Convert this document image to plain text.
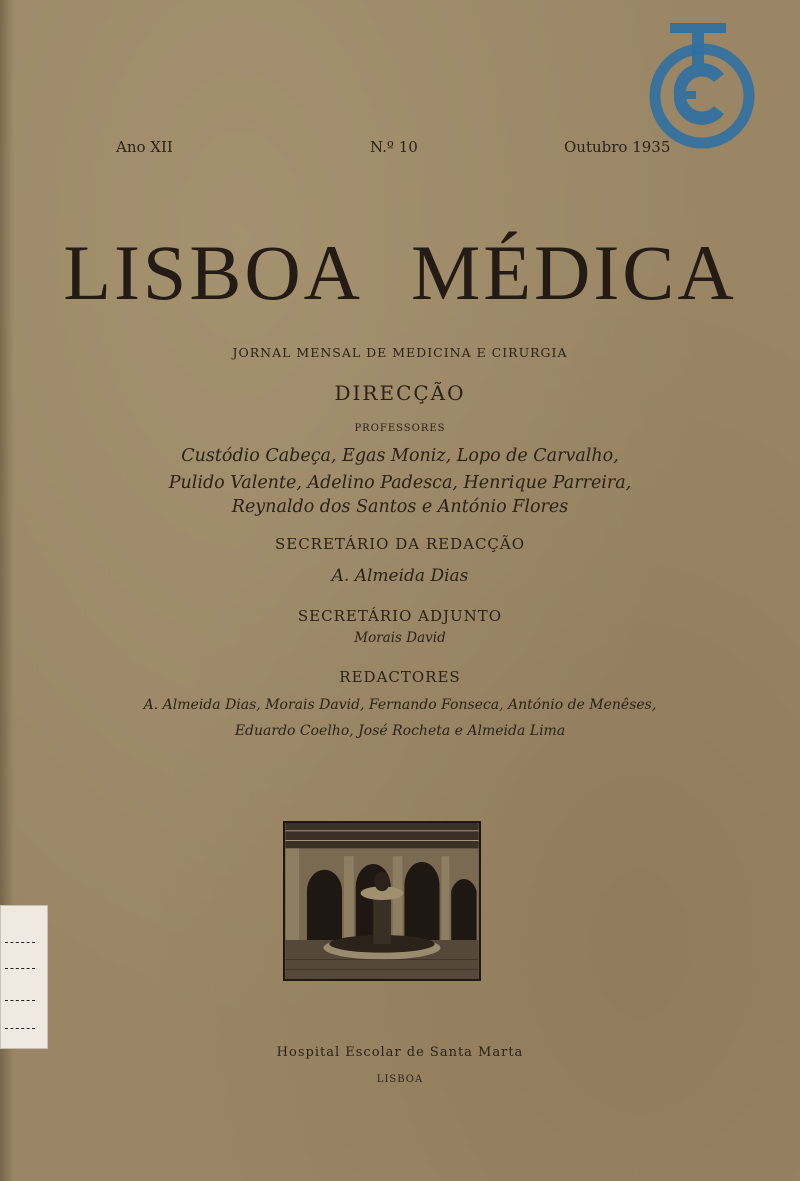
Ano XII	N.º 10	Outubro 1935
LISBOA MÉDICA
JORNAL MENSAL DE MEDICINA E CIRURGIA
DIRECÇÃO
PROFESSORES
Custódio Cabeça, Egas Moniz, Lopo de Carvalho,
Pulido Valente, Adelino Padesca, Henrique Parreira,
Reynaldo dos Santos e António Flores
SECRETÁRIO DA REDACÇÃO
A. Almeida Dias
SECRETÁRIO ADJUNTO
Morais David
REDACTORES
A. Almeida Dias, Morais David, Fernando Fonseca, António de Menêses,
Eduardo Coelho, José Rocheta e Almeida Lima
Hospital Escolar de Santa Marta
LISBOA
